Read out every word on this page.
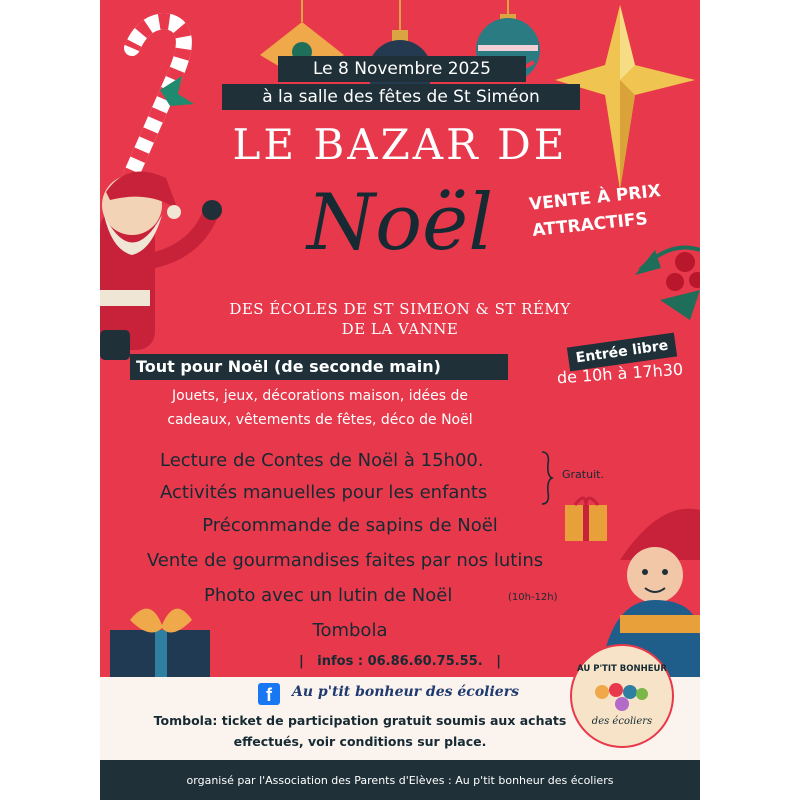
Le 8 Novembre 2025
à la salle des fêtes de St Siméon
LE BAZAR DE
Noël	VENTE À PRIX
ATTRACTIFS
DES ÉCOLES DE ST SIMEON & ST RÉMY
DE LA VANNE
Entrée libre
de 10h à 17h30
Tout pour Noël (de seconde main)
Jouets, jeux, décorations maison, idées de
cadeaux, vêtements de fêtes, déco de Noël
Lecture de Contes de Noël à 15h00.
Activités manuelles pour les enfants
Gratuit.
Précommande de sapins de Noël
Vente de gourmandises faites par nos lutins
Photo avec un lutin de Noël	(10h-12h)
Tombola
|   infos : 06.86.60.75.55.   |
f	Au p'tit bonheur des écoliers
Tombola: ticket de participation gratuit soumis aux achats
effectués, voir conditions sur place.
AU P'TIT BONHEUR
des écoliers
organisé par l'Association des Parents d'Elèves : Au p'tit bonheur des écoliers
